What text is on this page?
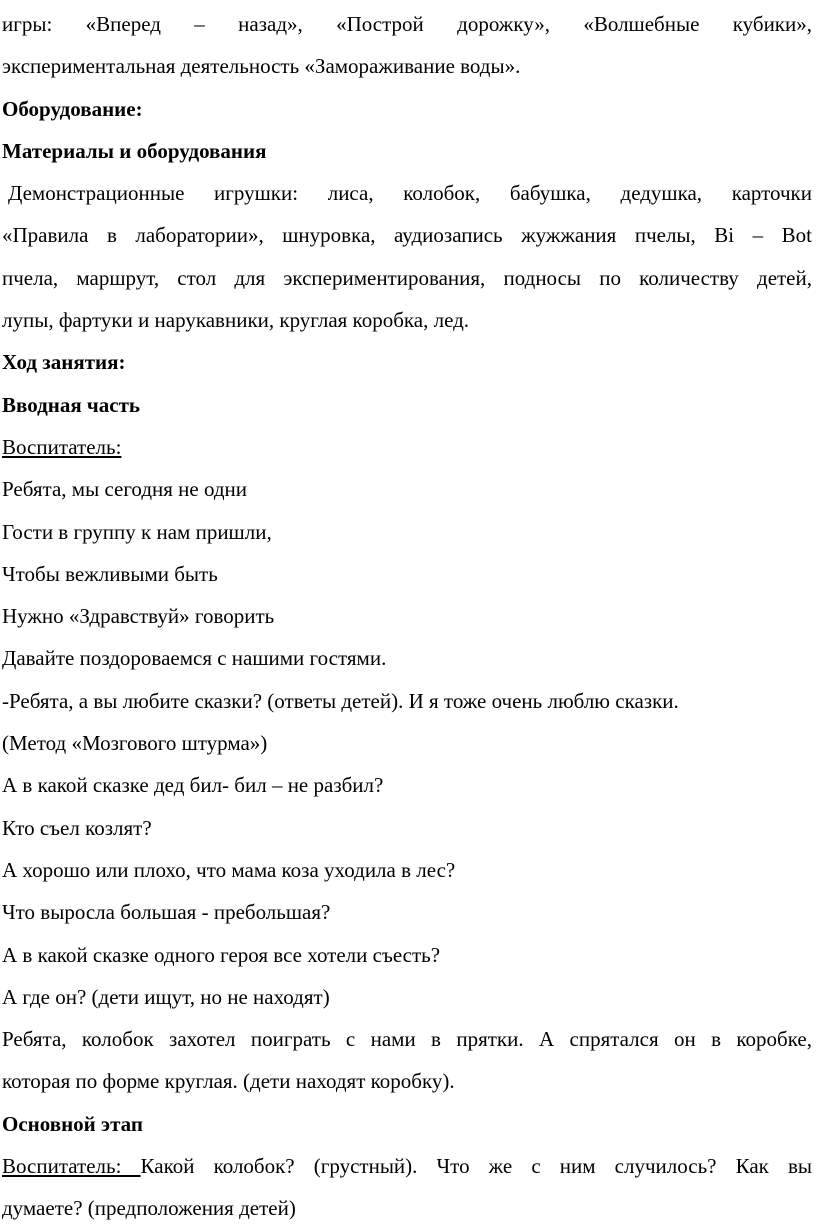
игры: «Вперед – назад», «Построй дорожку», «Волшебные кубики»,
экспериментальная деятельность «Замораживание воды».
Оборудование:
Материалы и оборудования
Демонстрационные игрушки: лиса, колобок, бабушка, дедушка, карточки
«Правила в лаборатории», шнуровка, аудиозапись жужжания пчелы, Bi – Bot
пчела, маршрут, стол для экспериментирования, подносы по количеству детей,
лупы, фартуки и нарукавники, круглая коробка, лед.
Ход занятия:
Вводная часть
Воспитатель:
Ребята, мы сегодня не одни
Гости в группу к нам пришли,
Чтобы вежливыми быть
Нужно «Здравствуй» говорить
Давайте поздороваемся с нашими гостями.
-Ребята, а вы любите сказки? (ответы детей). И я тоже очень люблю сказки.
(Метод «Мозгового штурма»)
А в какой сказке дед бил- бил – не разбил?
Кто съел козлят?
А хорошо или плохо, что мама коза уходила в лес?
Что выросла большая - пребольшая?
А в какой сказке одного героя все хотели съесть?
А где он? (дети ищут, но не находят)
Ребята, колобок захотел поиграть с нами в прятки. А спрятался он в коробке,
которая по форме круглая. (дети находят коробку).
Основной этап
Воспитатель: Какой колобок? (грустный). Что же с ним случилось? Как вы
думаете? (предположения детей)
